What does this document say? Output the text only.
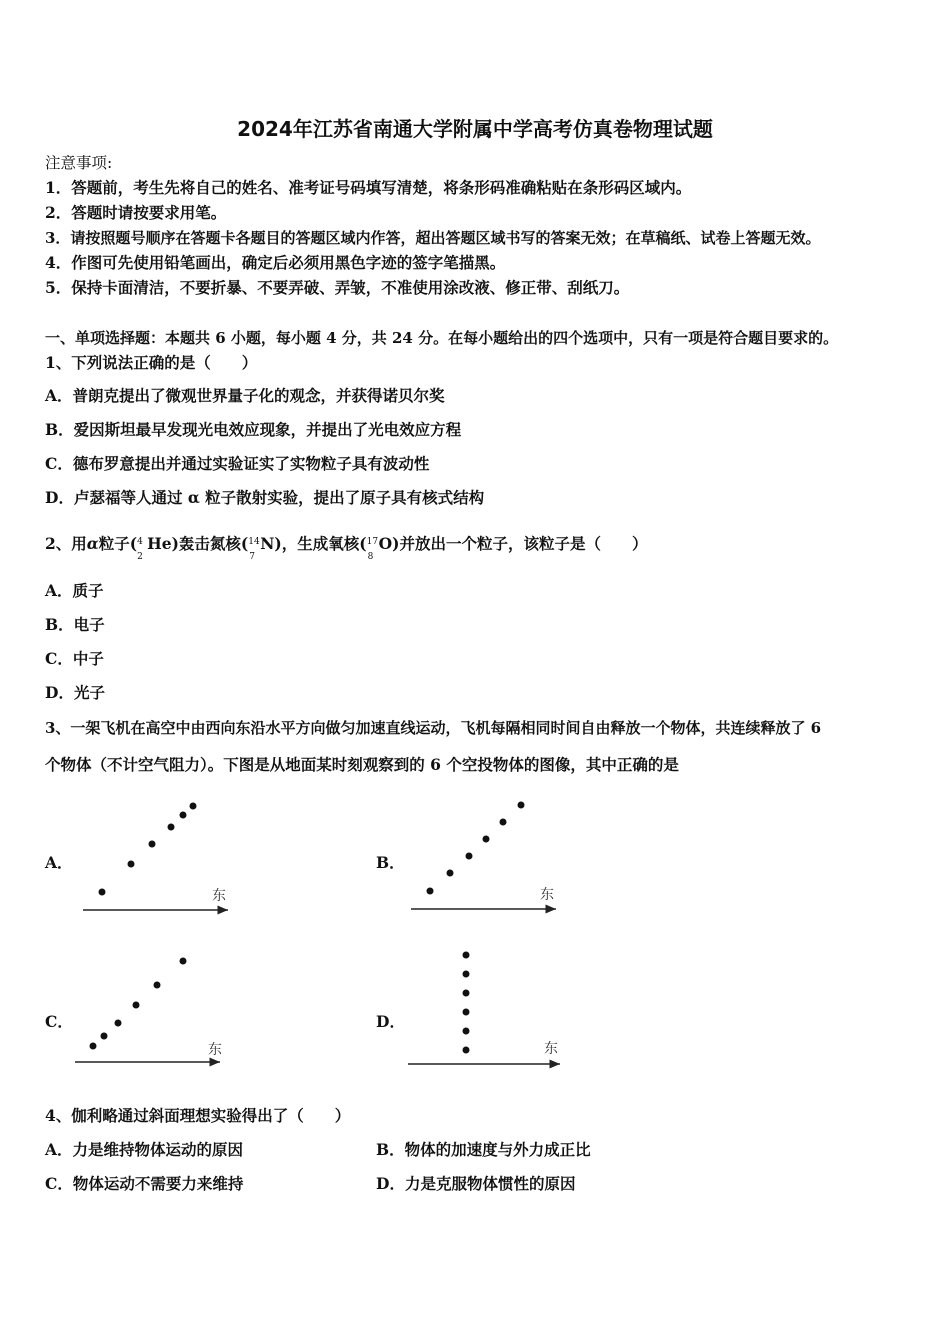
2024年江苏省南通大学附属中学高考仿真卷物理试题
注意事项:
1．答题前，考生先将自己的姓名、准考证号码填写清楚，将条形码准确粘贴在条形码区域内。
2．答题时请按要求用笔。
3．请按照题号顺序在答题卡各题目的答题区域内作答，超出答题区域书写的答案无效；在草稿纸、试卷上答题无效。
4．作图可先使用铅笔画出，确定后必须用黑色字迹的签字笔描黑。
5．保持卡面清洁，不要折暴、不要弄破、弄皱，不准使用涂改液、修正带、刮纸刀。
一、单项选择题：本题共 6 小题，每小题 4 分，共 24 分。在每小题给出的四个选项中，只有一项是符合题目要求的。
1、下列说法正确的是（　　）
A．普朗克提出了微观世界量子化的观念，并获得诺贝尔奖
B．爱因斯坦最早发现光电效应现象，并提出了光电效应方程
C．德布罗意提出并通过实验证实了实物粒子具有波动性
D．卢瑟福等人通过 α 粒子散射实验，提出了原子具有核式结构
2、用α粒子( 4
2
He)轰击氮核( 14
7
N)，生成氧核( 17
8
O)并放出一个粒子，该粒子是（　　）
A．质子
B．电子
C．中子
D．光子
3、一架飞机在高空中由西向东沿水平方向做匀加速直线运动，飞机每隔相同时间自由释放一个物体，共连续释放了 6
个物体（不计空气阻力）。下图是从地面某时刻观察到的 6 个空投物体的图像，其中正确的是
A．	B．
C．	D．
东	东
东	东
4、伽利略通过斜面理想实验得出了（　　）
A．力是维持物体运动的原因	B．物体的加速度与外力成正比
C．物体运动不需要力来维持	D．力是克服物体惯性的原因
